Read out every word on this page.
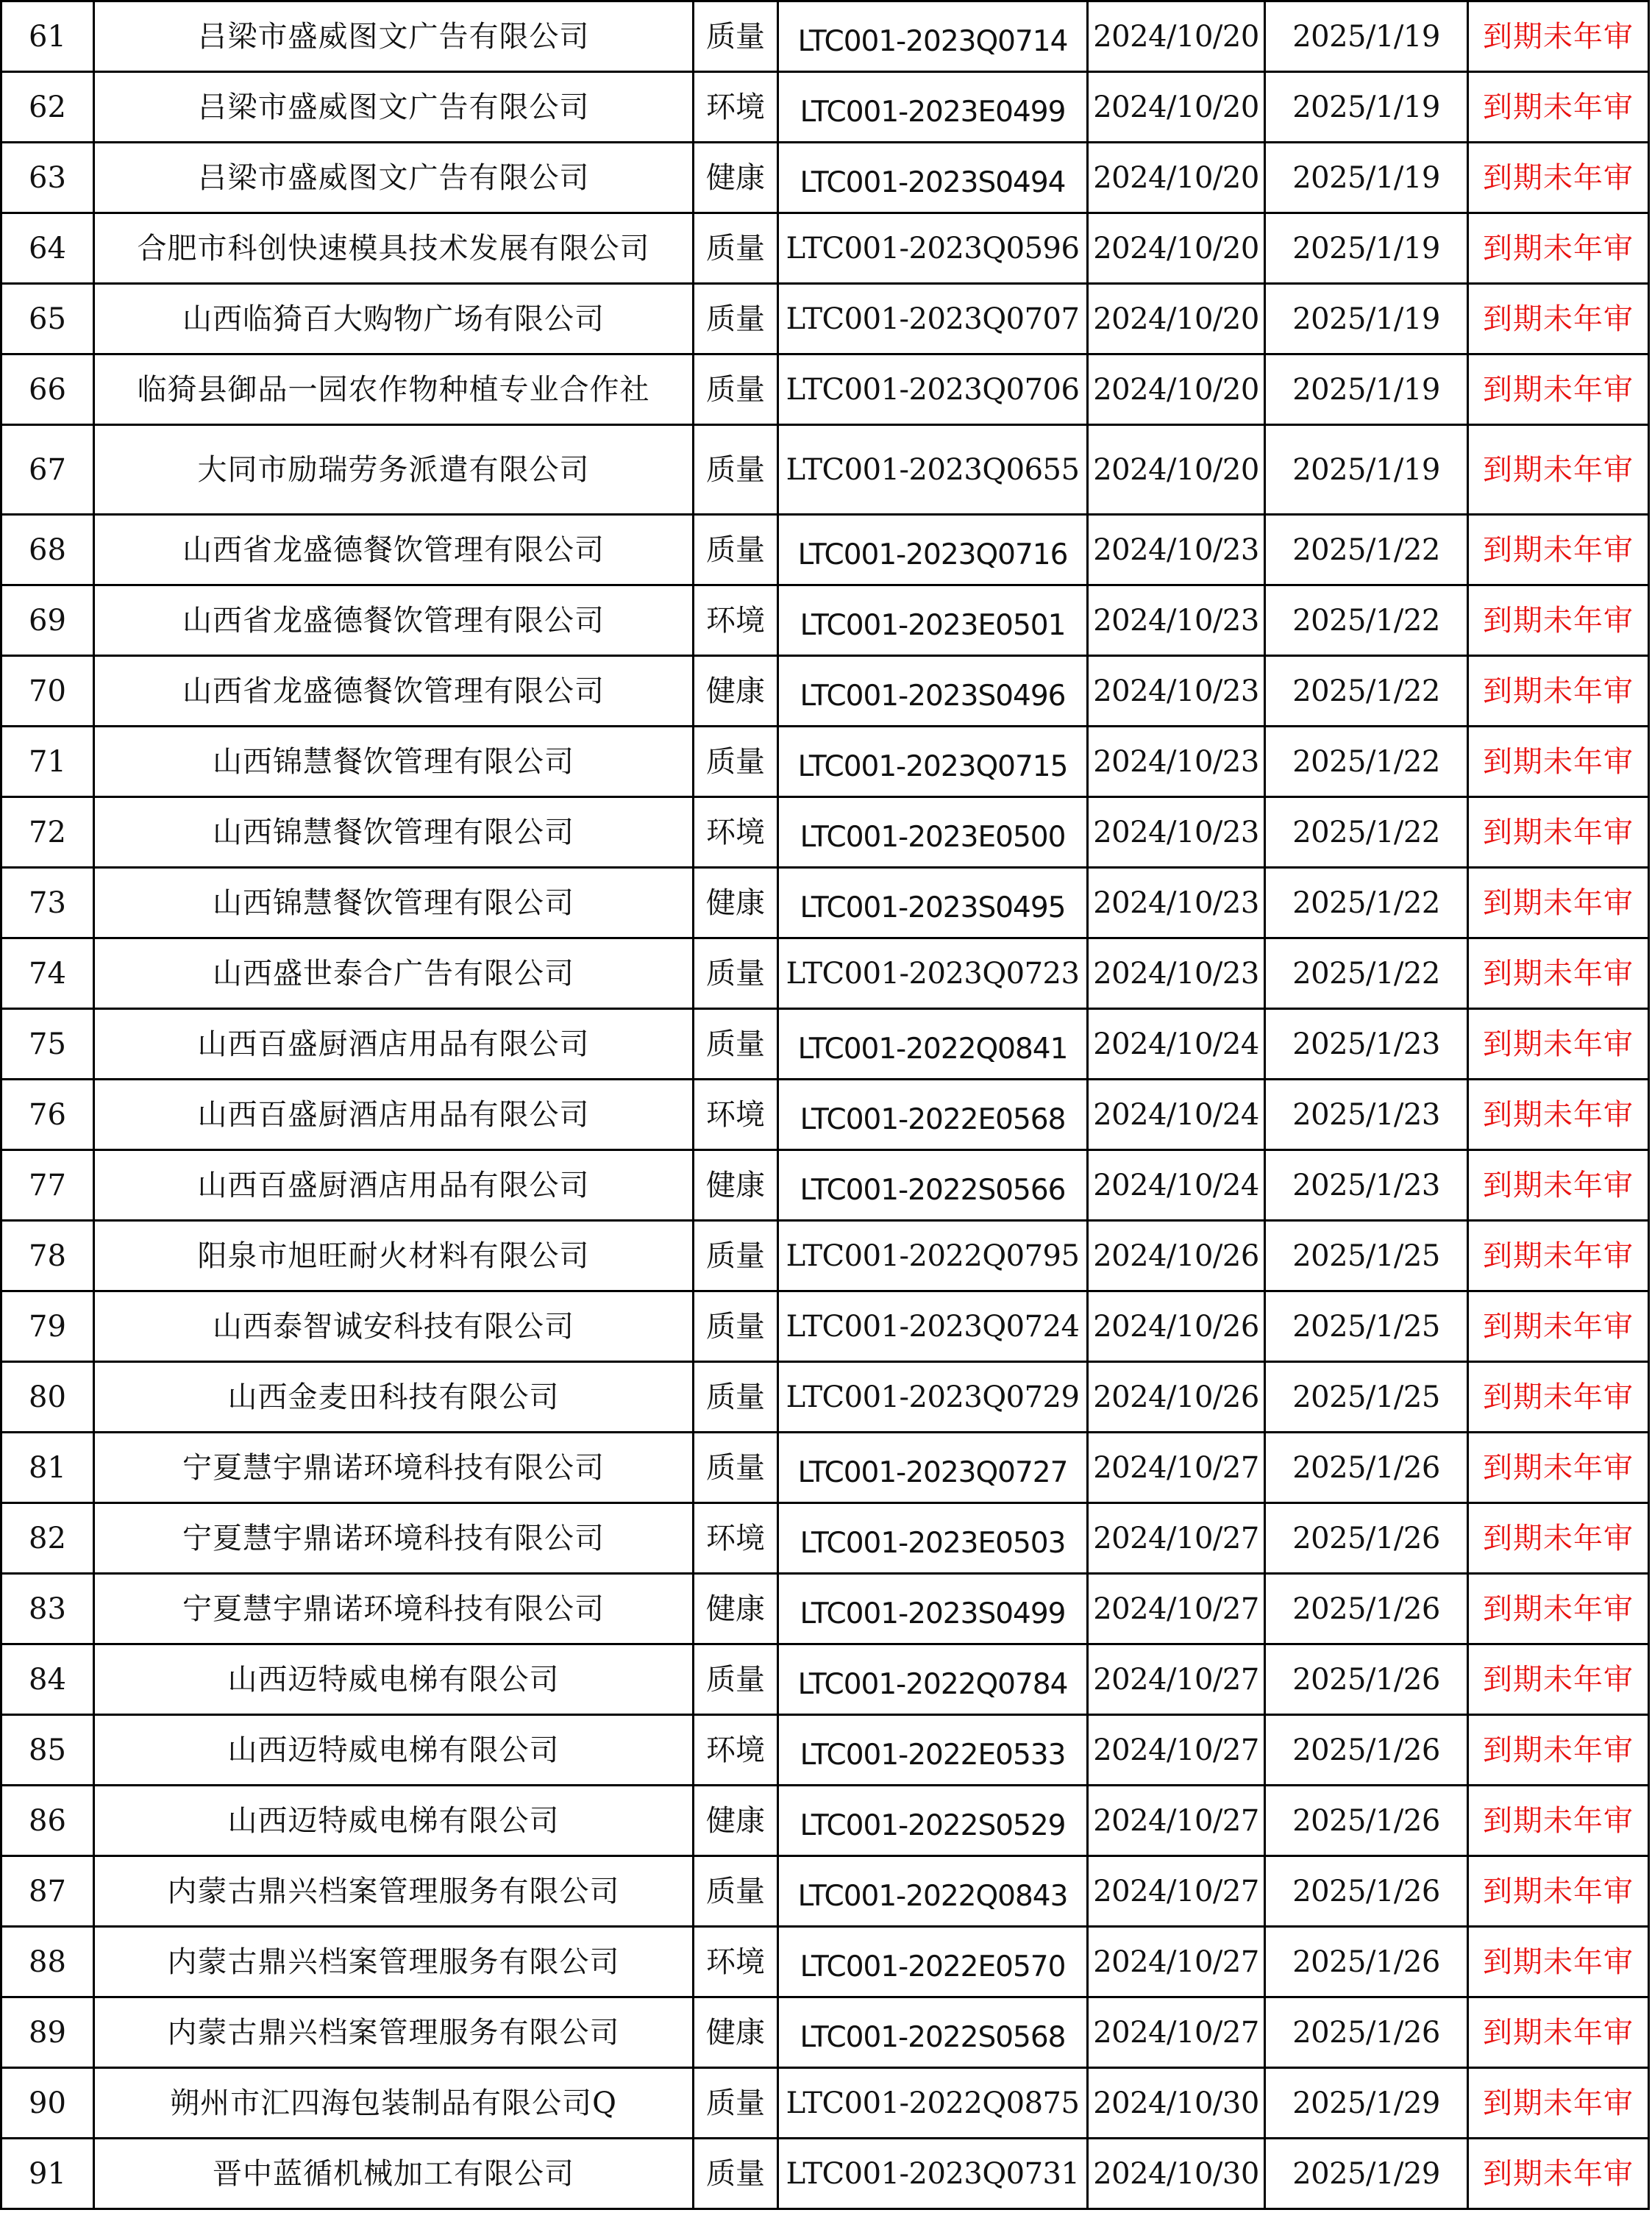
61	吕梁市盛威图文广告有限公司	质量	LTC001-2023Q0714	2024/10/20	2025/1/19	到期未年审
62	吕梁市盛威图文广告有限公司	环境	LTC001-2023E0499	2024/10/20	2025/1/19	到期未年审
63	吕梁市盛威图文广告有限公司	健康	LTC001-2023S0494	2024/10/20	2025/1/19	到期未年审
64	合肥市科创快速模具技术发展有限公司	质量	LTC001-2023Q0596	2024/10/20	2025/1/19	到期未年审
65	山西临猗百大购物广场有限公司	质量	LTC001-2023Q0707	2024/10/20	2025/1/19	到期未年审
66	临猗县御品一园农作物种植专业合作社	质量	LTC001-2023Q0706	2024/10/20	2025/1/19	到期未年审
67	大同市励瑞劳务派遣有限公司	质量	LTC001-2023Q0655	2024/10/20	2025/1/19	到期未年审
68	山西省龙盛德餐饮管理有限公司	质量	LTC001-2023Q0716	2024/10/23	2025/1/22	到期未年审
69	山西省龙盛德餐饮管理有限公司	环境	LTC001-2023E0501	2024/10/23	2025/1/22	到期未年审
70	山西省龙盛德餐饮管理有限公司	健康	LTC001-2023S0496	2024/10/23	2025/1/22	到期未年审
71	山西锦慧餐饮管理有限公司	质量	LTC001-2023Q0715	2024/10/23	2025/1/22	到期未年审
72	山西锦慧餐饮管理有限公司	环境	LTC001-2023E0500	2024/10/23	2025/1/22	到期未年审
73	山西锦慧餐饮管理有限公司	健康	LTC001-2023S0495	2024/10/23	2025/1/22	到期未年审
74	山西盛世泰合广告有限公司	质量	LTC001-2023Q0723	2024/10/23	2025/1/22	到期未年审
75	山西百盛厨酒店用品有限公司	质量	LTC001-2022Q0841	2024/10/24	2025/1/23	到期未年审
76	山西百盛厨酒店用品有限公司	环境	LTC001-2022E0568	2024/10/24	2025/1/23	到期未年审
77	山西百盛厨酒店用品有限公司	健康	LTC001-2022S0566	2024/10/24	2025/1/23	到期未年审
78	阳泉市旭旺耐火材料有限公司	质量	LTC001-2022Q0795	2024/10/26	2025/1/25	到期未年审
79	山西泰智诚安科技有限公司	质量	LTC001-2023Q0724	2024/10/26	2025/1/25	到期未年审
80	山西金麦田科技有限公司	质量	LTC001-2023Q0729	2024/10/26	2025/1/25	到期未年审
81	宁夏慧宇鼎诺环境科技有限公司	质量	LTC001-2023Q0727	2024/10/27	2025/1/26	到期未年审
82	宁夏慧宇鼎诺环境科技有限公司	环境	LTC001-2023E0503	2024/10/27	2025/1/26	到期未年审
83	宁夏慧宇鼎诺环境科技有限公司	健康	LTC001-2023S0499	2024/10/27	2025/1/26	到期未年审
84	山西迈特威电梯有限公司	质量	LTC001-2022Q0784	2024/10/27	2025/1/26	到期未年审
85	山西迈特威电梯有限公司	环境	LTC001-2022E0533	2024/10/27	2025/1/26	到期未年审
86	山西迈特威电梯有限公司	健康	LTC001-2022S0529	2024/10/27	2025/1/26	到期未年审
87	内蒙古鼎兴档案管理服务有限公司	质量	LTC001-2022Q0843	2024/10/27	2025/1/26	到期未年审
88	内蒙古鼎兴档案管理服务有限公司	环境	LTC001-2022E0570	2024/10/27	2025/1/26	到期未年审
89	内蒙古鼎兴档案管理服务有限公司	健康	LTC001-2022S0568	2024/10/27	2025/1/26	到期未年审
90	朔州市汇四海包装制品有限公司Q	质量	LTC001-2022Q0875	2024/10/30	2025/1/29	到期未年审
91	晋中蓝循机械加工有限公司	质量	LTC001-2023Q0731	2024/10/30	2025/1/29	到期未年审
